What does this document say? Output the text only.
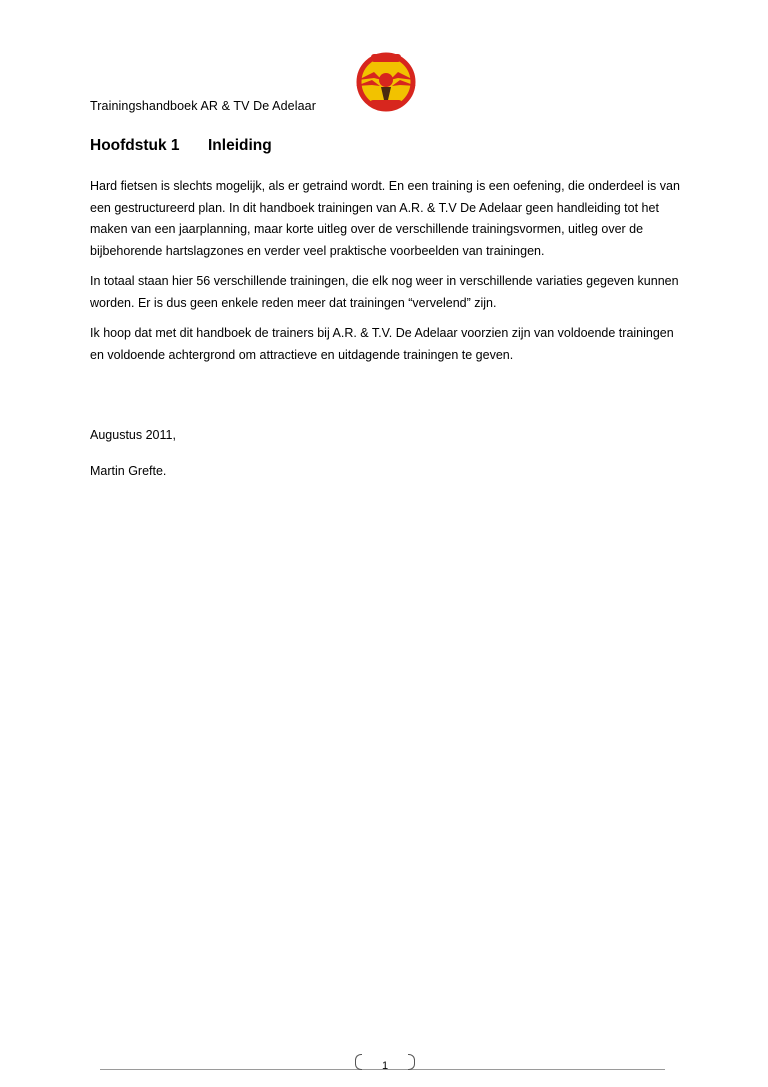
Trainingshandboek AR & TV De Adelaar
Hoofdstuk 1 Inleiding

Hard fietsen is slechts mogelijk, als er getraind wordt. En een training is een oefening, die onderdeel is van een gestructureerd plan. In dit handboek trainingen van A.R. & T.V De Adelaar geen handleiding tot het maken van een jaarplanning, maar korte uitleg over de verschillende trainingsvormen, uitleg over de bijbehorende hartslagzones en verder veel praktische voorbeelden van trainingen.

In totaal staan hier 56 verschillende trainingen, die elk nog weer in verschillende variaties gegeven kunnen worden. Er is dus geen enkele reden meer dat trainingen “vervelend” zijn.

Ik hoop dat met dit handboek de trainers bij A.R. & T.V. De Adelaar voorzien zijn van voldoende trainingen en voldoende achtergrond om attractieve en uitdagende trainingen te geven.

Augustus 2011,

Martin Grefte.

1
